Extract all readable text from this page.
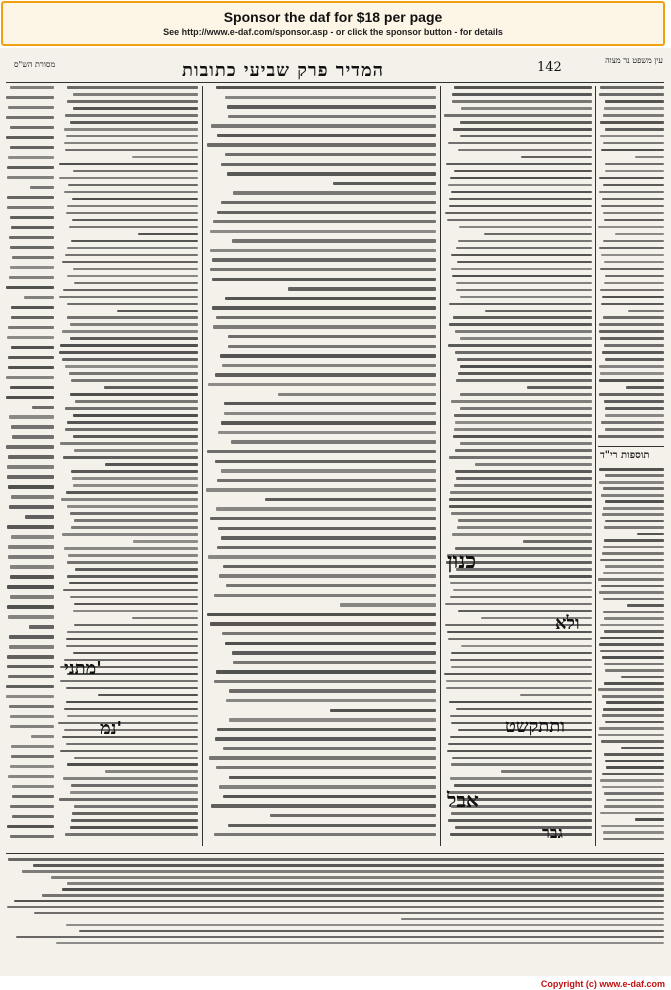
Sponsor the daf for $18 per page
See http://www.e-daf.com/sponsor.asp - or click the sponsor button - for details
המדיר פרק שביעי כתובות	142	עין משפט נר מצוה
מסורת הש"ס
תוספות רי"ד
כנון
ולא
ותתקשט
אבל
מתני'
נמ'
גבר
Copyright (c) www.e-daf.com
